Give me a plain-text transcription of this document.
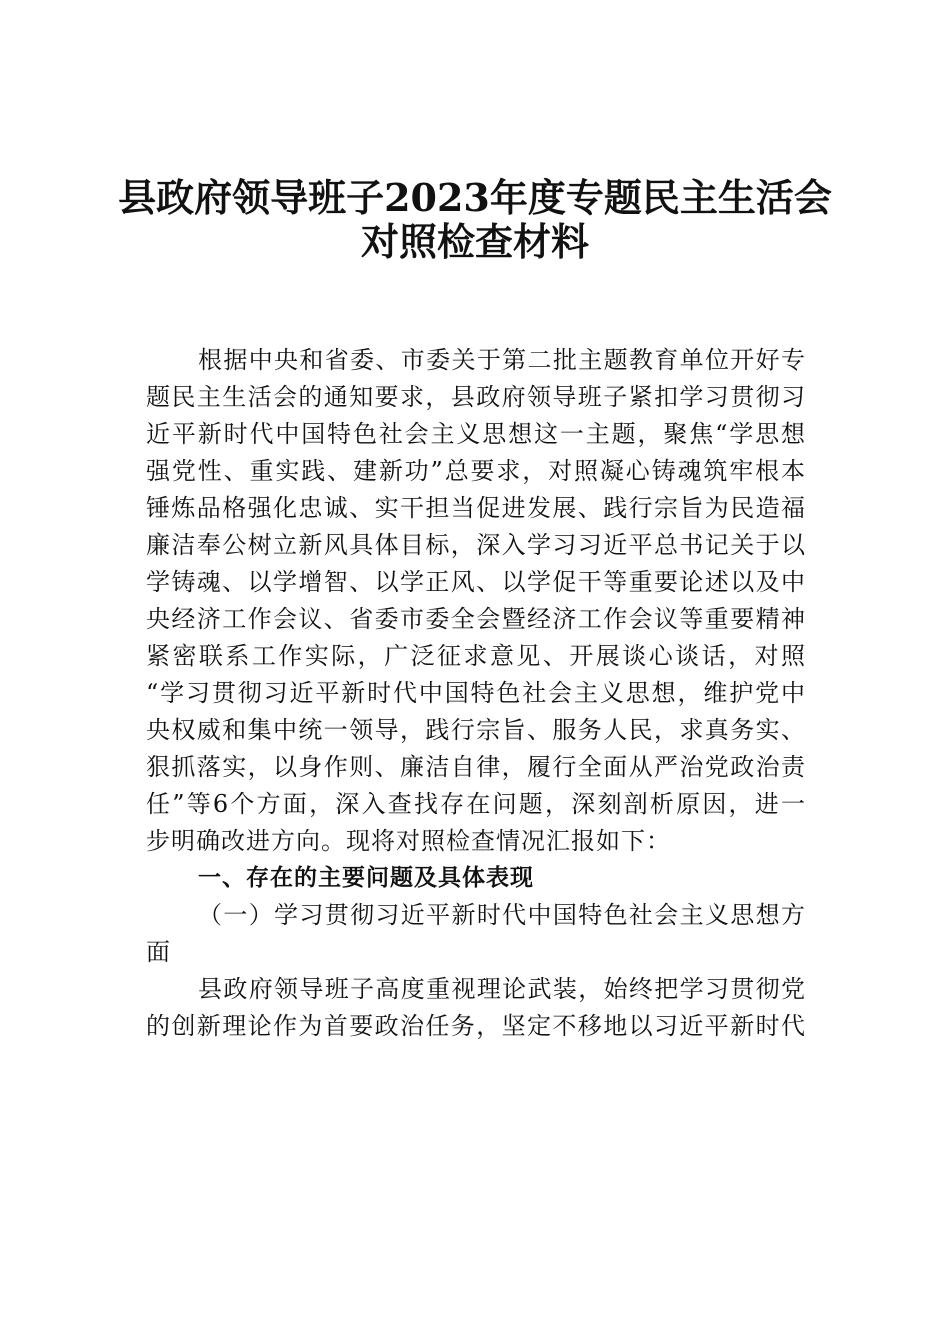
县政府领导班子2023年度专题民主生活会
对照检查材料
根据中央和省委、市委关于第二批主题教育单位开好专
题民主生活会的通知要求，县政府领导班子紧扣学习贯彻习
近平新时代中国特色社会主义思想这一主题，聚焦“学思想
强党性、重实践、建新功”总要求，对照凝心铸魂筑牢根本
锤炼品格强化忠诚、实干担当促进发展、践行宗旨为民造福
廉洁奉公树立新风具体目标，深入学习习近平总书记关于以
学铸魂、以学增智、以学正风、以学促干等重要论述以及中
央经济工作会议、省委市委全会暨经济工作会议等重要精神
紧密联系工作实际，广泛征求意见、开展谈心谈话，对照
“学习贯彻习近平新时代中国特色社会主义思想，维护党中
央权威和集中统一领导，践行宗旨、服务人民，求真务实、
狠抓落实，以身作则、廉洁自律，履行全面从严治党政治责
任”等6个方面，深入查找存在问题，深刻剖析原因，进一
步明确改进方向。现将对照检查情况汇报如下：
一、存在的主要问题及具体表现
（一）学习贯彻习近平新时代中国特色社会主义思想方
面
县政府领导班子高度重视理论武装，始终把学习贯彻党
的创新理论作为首要政治任务，坚定不移地以习近平新时代
